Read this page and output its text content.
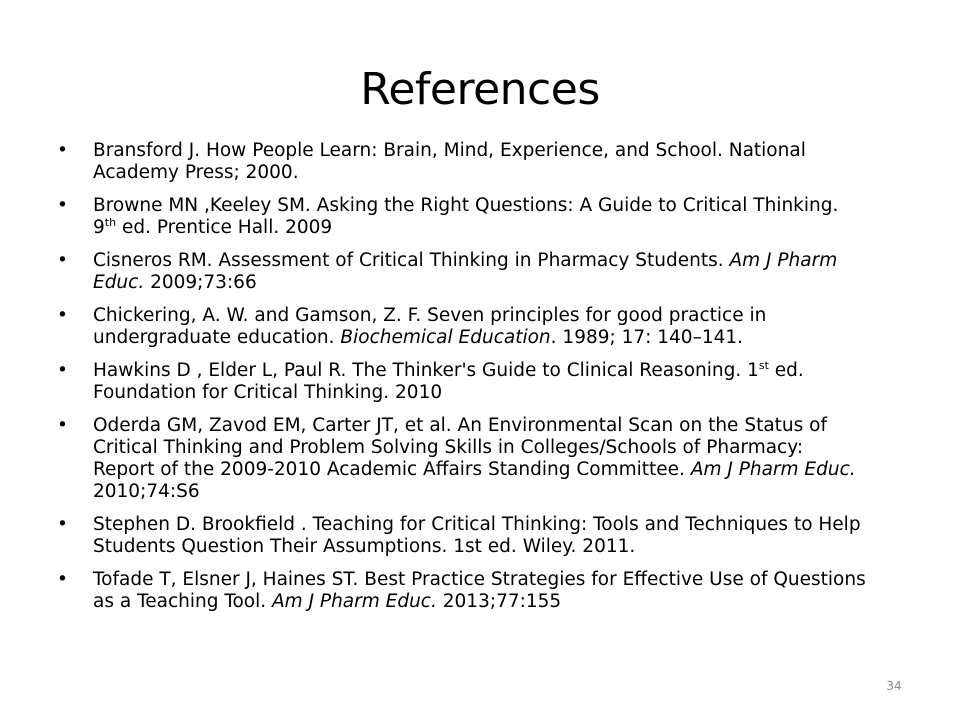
References
• Bransford J. How People Learn: Brain, Mind, Experience, and School. National
Academy Press; 2000.
• Browne MN ,Keeley SM. Asking the Right Questions: A Guide to Critical Thinking.
9th ed. Prentice Hall. 2009
• Cisneros RM. Assessment of Critical Thinking in Pharmacy Students. Am J Pharm
Educ. 2009;73:66
• Chickering, A. W. and Gamson, Z. F. Seven principles for good practice in
undergraduate education. Biochemical Education. 1989; 17: 140–141.
• Hawkins D , Elder L, Paul R. The Thinker's Guide to Clinical Reasoning. 1st ed.
Foundation for Critical Thinking. 2010
• Oderda GM, Zavod EM, Carter JT, et al. An Environmental Scan on the Status of
Critical Thinking and Problem Solving Skills in Colleges/Schools of Pharmacy:
Report of the 2009-2010 Academic Affairs Standing Committee. Am J Pharm Educ.
2010;74:S6
• Stephen D. Brookfield . Teaching for Critical Thinking: Tools and Techniques to Help
Students Question Their Assumptions. 1st ed. Wiley. 2011.
• Tofade T, Elsner J, Haines ST. Best Practice Strategies for Effective Use of Questions
as a Teaching Tool. Am J Pharm Educ. 2013;77:155
34
